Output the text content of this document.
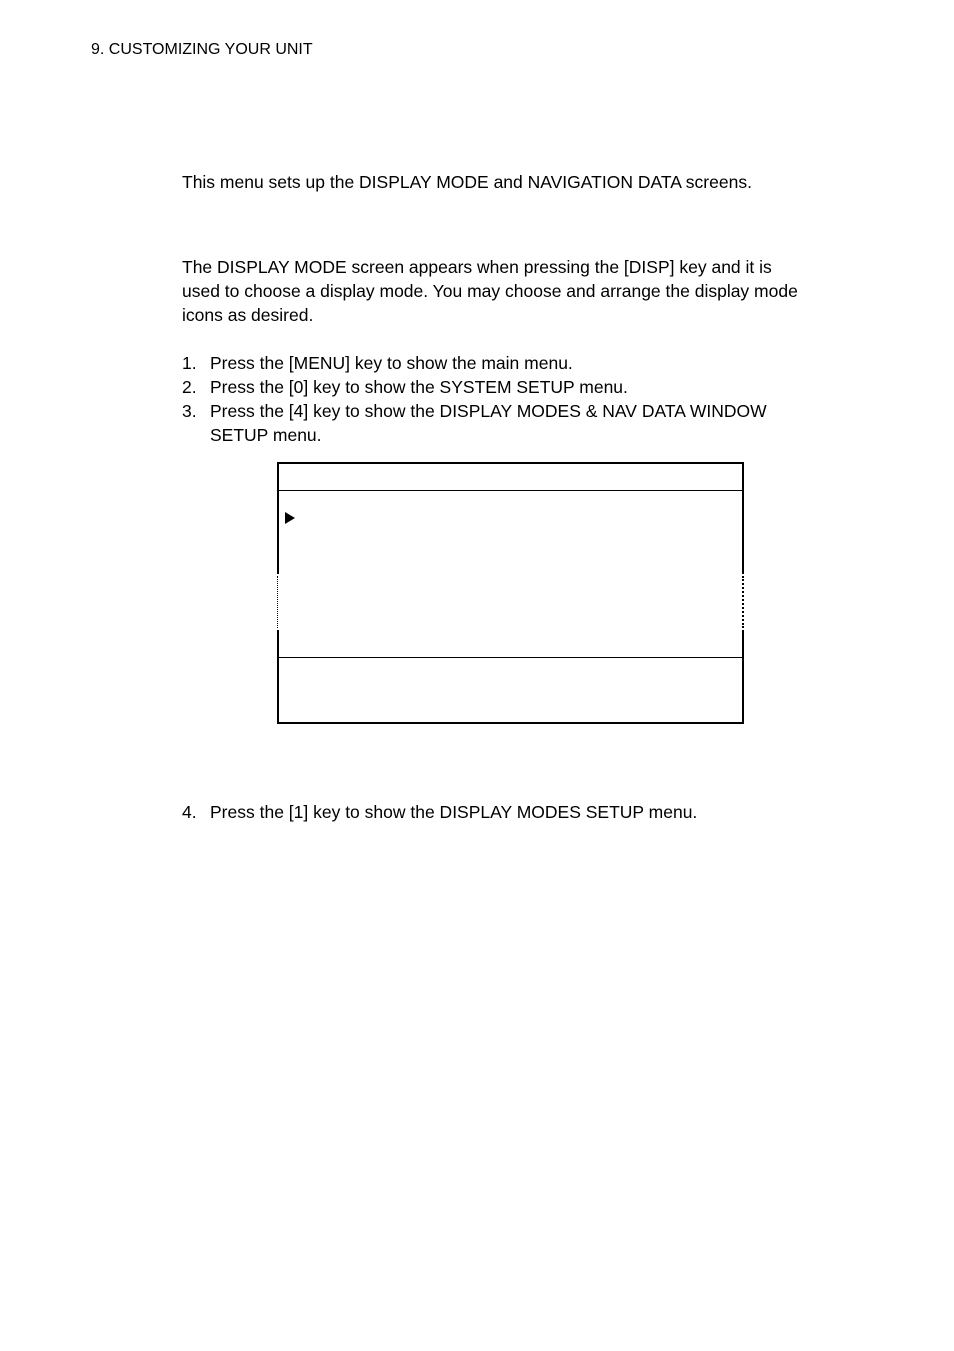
9. CUSTOMIZING YOUR UNIT
This menu sets up the DISPLAY MODE and NAVIGATION DATA screens.
The DISPLAY MODE screen appears when pressing the [DISP] key and it is
used to choose a display mode. You may choose and arrange the display mode
icons as desired.
1. Press the [MENU] key to show the main menu.
2. Press the [0] key to show the SYSTEM SETUP menu.
3. Press the [4] key to show the DISPLAY MODES & NAV DATA WINDOW
SETUP menu.
4. Press the [1] key to show the DISPLAY MODES SETUP menu.
